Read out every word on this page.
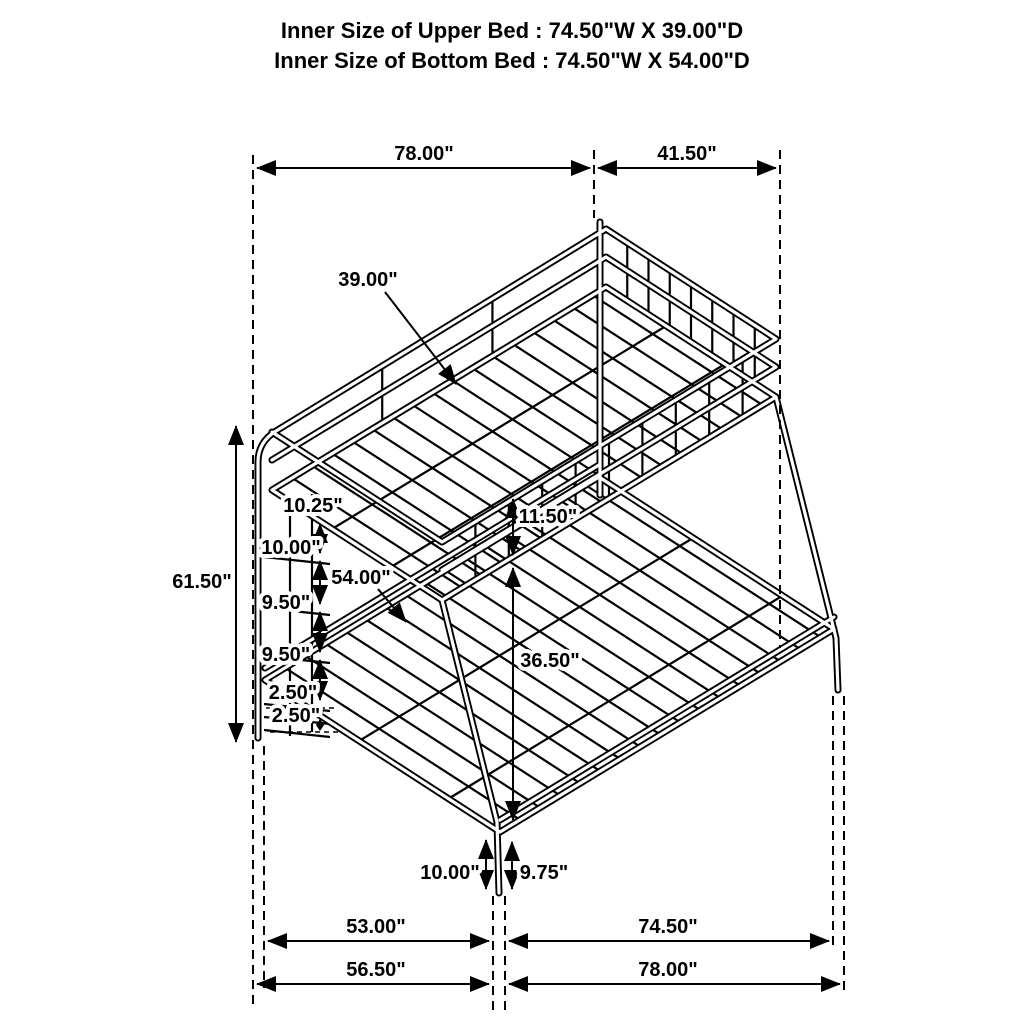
Inner Size of Upper Bed : 74.50"W X 39.00"D
Inner Size of Bottom Bed : 74.50"W X 54.00"D
78.00"	41.50"
61.50"
39.00"
10.25"
10.00"
9.50"
9.50"
2.50"
2.50"
11.50"
54.00"
36.50"
10.00" 9.75"
53.00"	74.50"
56.50"	78.00"
